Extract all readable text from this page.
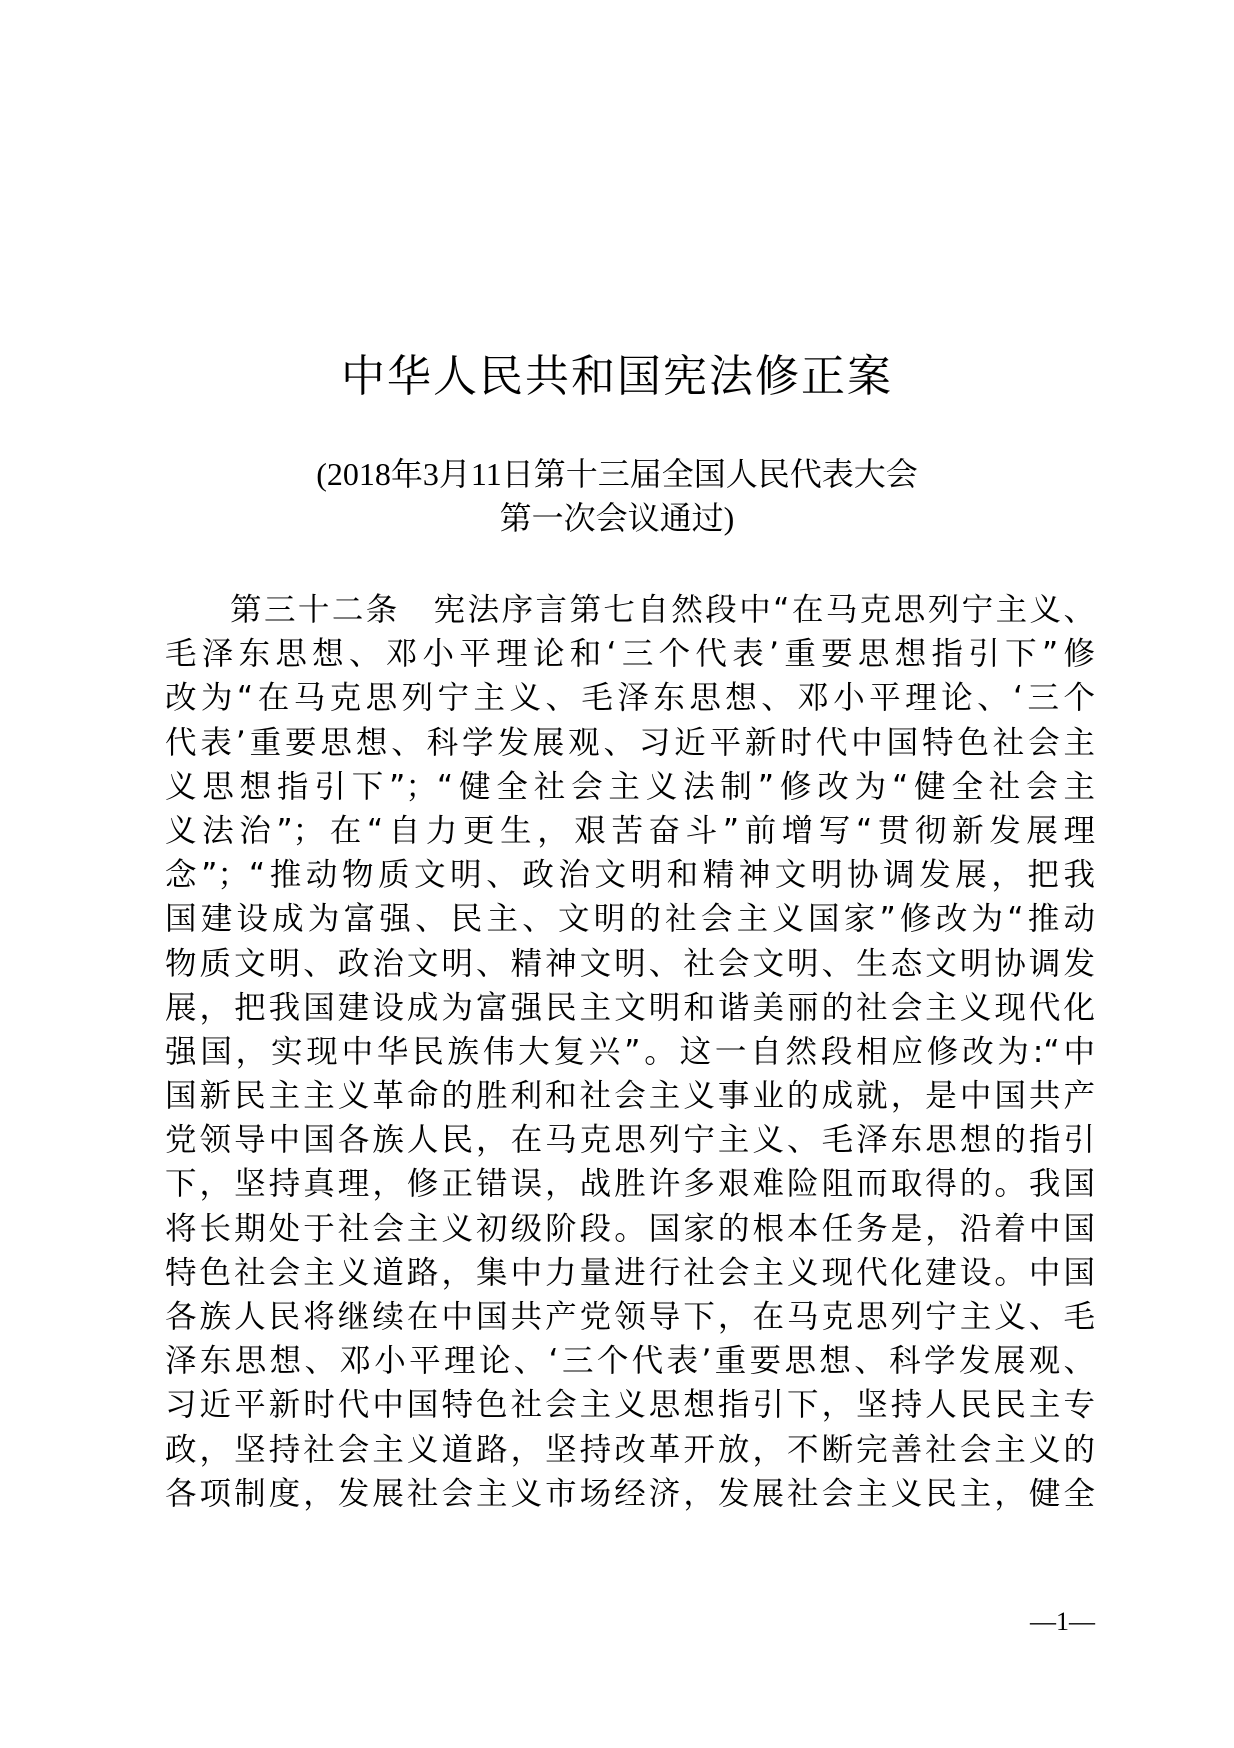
中华人民共和国宪法修正案
(2018年3月11日第十三届全国人民代表大会
第一次会议通过)
第三十二条　宪法序言第七自然段中“在马克思列宁主义、
毛泽东思想、邓小平理论和‘三个代表’重要思想指引下”修
改为“在马克思列宁主义、毛泽东思想、邓小平理论、‘三个
代表’重要思想、科学发展观、习近平新时代中国特色社会主
义思想指引下”；“健全社会主义法制”修改为“健全社会主
义法治”；在“自力更生，艰苦奋斗”前增写“贯彻新发展理
念”；“推动物质文明、政治文明和精神文明协调发展，把我
国建设成为富强、民主、文明的社会主义国家”修改为“推动
物质文明、政治文明、精神文明、社会文明、生态文明协调发
展，把我国建设成为富强民主文明和谐美丽的社会主义现代化
强国，实现中华民族伟大复兴”。这一自然段相应修改为:“中
国新民主主义革命的胜利和社会主义事业的成就，是中国共产
党领导中国各族人民，在马克思列宁主义、毛泽东思想的指引
下，坚持真理，修正错误，战胜许多艰难险阻而取得的。我国
将长期处于社会主义初级阶段。国家的根本任务是，沿着中国
特色社会主义道路，集中力量进行社会主义现代化建设。中国
各族人民将继续在中国共产党领导下，在马克思列宁主义、毛
泽东思想、邓小平理论、‘三个代表’重要思想、科学发展观、
习近平新时代中国特色社会主义思想指引下，坚持人民民主专
政，坚持社会主义道路，坚持改革开放，不断完善社会主义的
各项制度，发展社会主义市场经济，发展社会主义民主，健全
—1—
